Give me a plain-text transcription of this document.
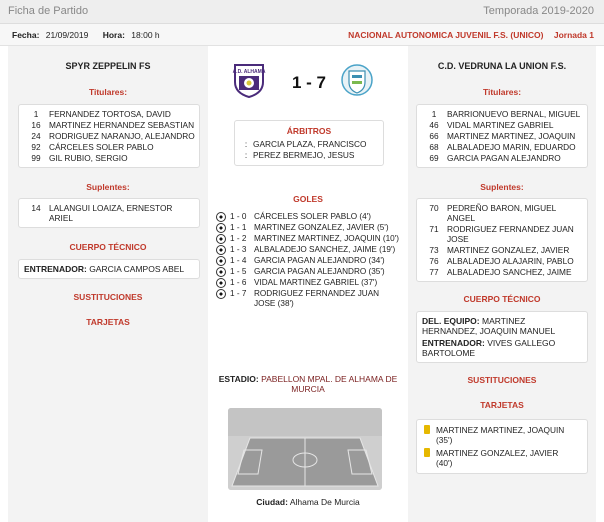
Ficha de Partido	Temporada 2019-2020
Fecha: 21/09/2019 Hora: 18:00 h	NACIONAL AUTONOMICA JUVENIL F.S. (UNICO) Jornada 1
SPYR ZEPPELIN FS
Titulares:
1	FERNANDEZ TORTOSA, DAVID
16	MARTINEZ HERNANDEZ SEBASTIAN
24	RODRIGUEZ NARANJO, ALEJANDRO
92	CÁRCELES SOLER PABLO
99	GIL RUBIO, SERGIO
Suplentes:
14	LALANGUI LOAIZA, ERNESTOR ARIEL
CUERPO TÉCNICO
ENTRENADOR: GARCIA CAMPOS ABEL
SUSTITUCIONES
TARJETAS
A.D. ALHAMA
1 - 7
ÁRBITROS
: GARCIA PLAZA, FRANCISCO
: PEREZ BERMEJO, JESUS
GOLES
1 - 0 CÁRCELES SOLER PABLO (4')
1 - 1 MARTINEZ GONZALEZ, JAVIER (5')
1 - 2 MARTINEZ MARTINEZ, JOAQUIN (10')
1 - 3 ALBALADEJO SANCHEZ, JAIME (19')
1 - 4 GARCIA PAGAN ALEJANDRO (34')
1 - 5 GARCIA PAGAN ALEJANDRO (35')
1 - 6 VIDAL MARTINEZ GABRIEL (37')
1 - 7 RODRIGUEZ FERNANDEZ JUAN JOSE (38')
ESTADIO: PABELLON MPAL. DE ALHAMA DE MURCIA
Ciudad: Alhama De Murcia
C.D. VEDRUNA LA UNION F.S.
Titulares:
1	BARRIONUEVO BERNAL, MIGUEL
46	VIDAL MARTINEZ GABRIEL
66	MARTINEZ MARTINEZ, JOAQUIN
68	ALBALADEJO MARIN, EDUARDO
69	GARCIA PAGAN ALEJANDRO
Suplentes:
70	PEDREÑO BARON, MIGUEL ANGEL
71	RODRIGUEZ FERNANDEZ JUAN JOSE
73	MARTINEZ GONZALEZ, JAVIER
76	ALBALADEJO ALAJARIN, PABLO
77	ALBALADEJO SANCHEZ, JAIME
CUERPO TÉCNICO
DEL. EQUIPO: MARTINEZ HERNANDEZ, JOAQUIN MANUEL
ENTRENADOR: VIVES GALLEGO BARTOLOME
SUSTITUCIONES
TARJETAS
MARTINEZ MARTINEZ, JOAQUIN
(35')
MARTINEZ GONZALEZ, JAVIER
(40')
